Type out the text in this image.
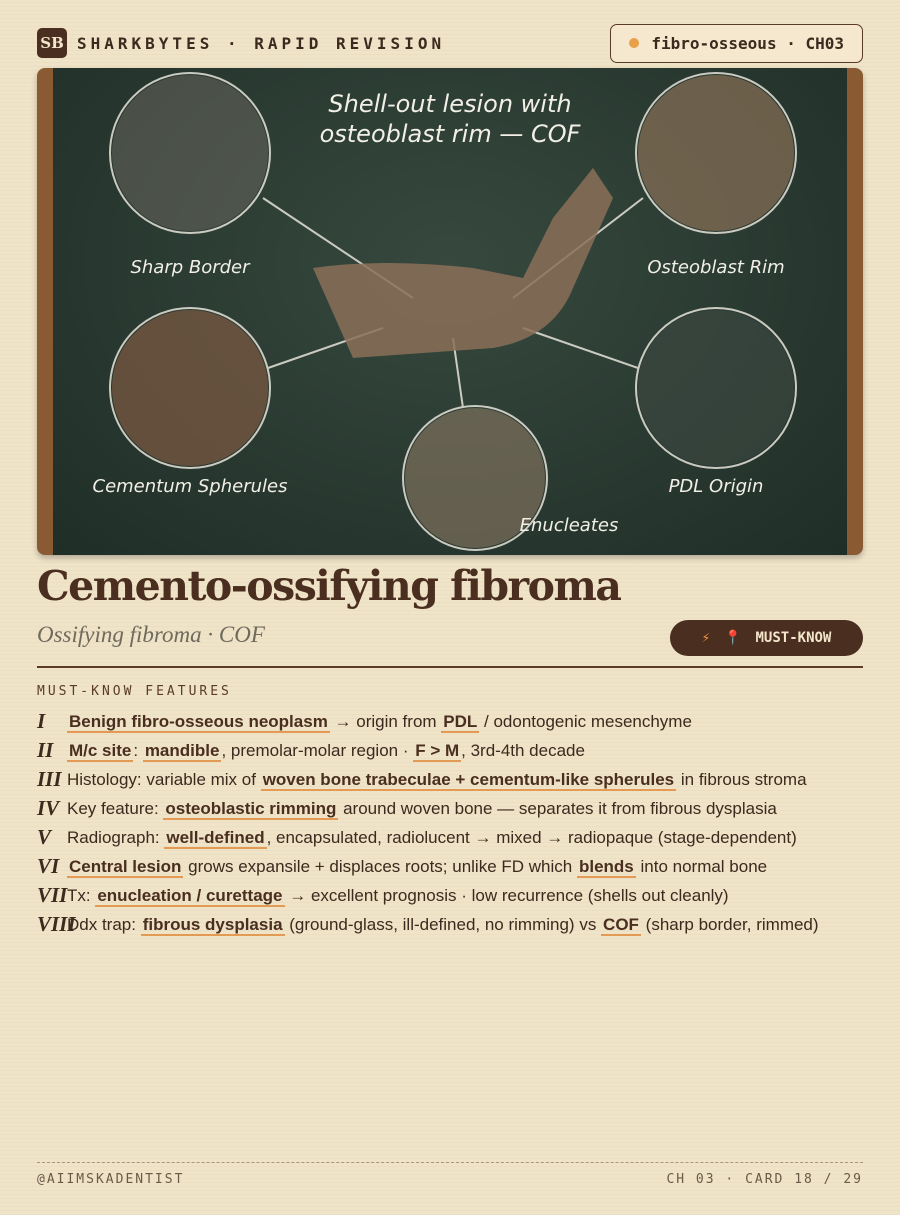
SB SHARKBYTES · RAPID REVISION	fibro-osseous · CH03
Shell-out lesion with
osteoblast rim — COF
Sharp Border	Osteoblast Rim
Cementum Spherules	PDL Origin
Enucleates
Cemento-ossifying fibroma
Ossifying fibroma · COF	⚡ 📍 MUST-KNOW
MUST-KNOW FEATURES
I	Benign fibro-osseous neoplasm → origin from PDL / odontogenic mesenchyme
II M/c site : mandible , premolar-molar region · F > M , 3rd-4th decade
III Histology: variable mix of woven bone trabeculae + cementum-like spherules in fibrous stroma
IV Key feature: osteoblastic rimming around woven bone — separates it from fibrous dysplasia
V Radiograph: well-defined , encapsulated, radiolucent → mixed → radiopaque (stage-dependent)
VI Central lesion grows expansile + displaces roots; unlike FD which blends into normal bone
VII Tx: enucleation / curettage → excellent prognosis · low recurrence (shells out cleanly)
VIII
Ddx trap: fibrous dysplasia (ground-glass, ill-defined, no rimming) vs COF (sharp border, rimmed)
@AIIMSKADENTIST	CH 03 · CARD 18 / 29
